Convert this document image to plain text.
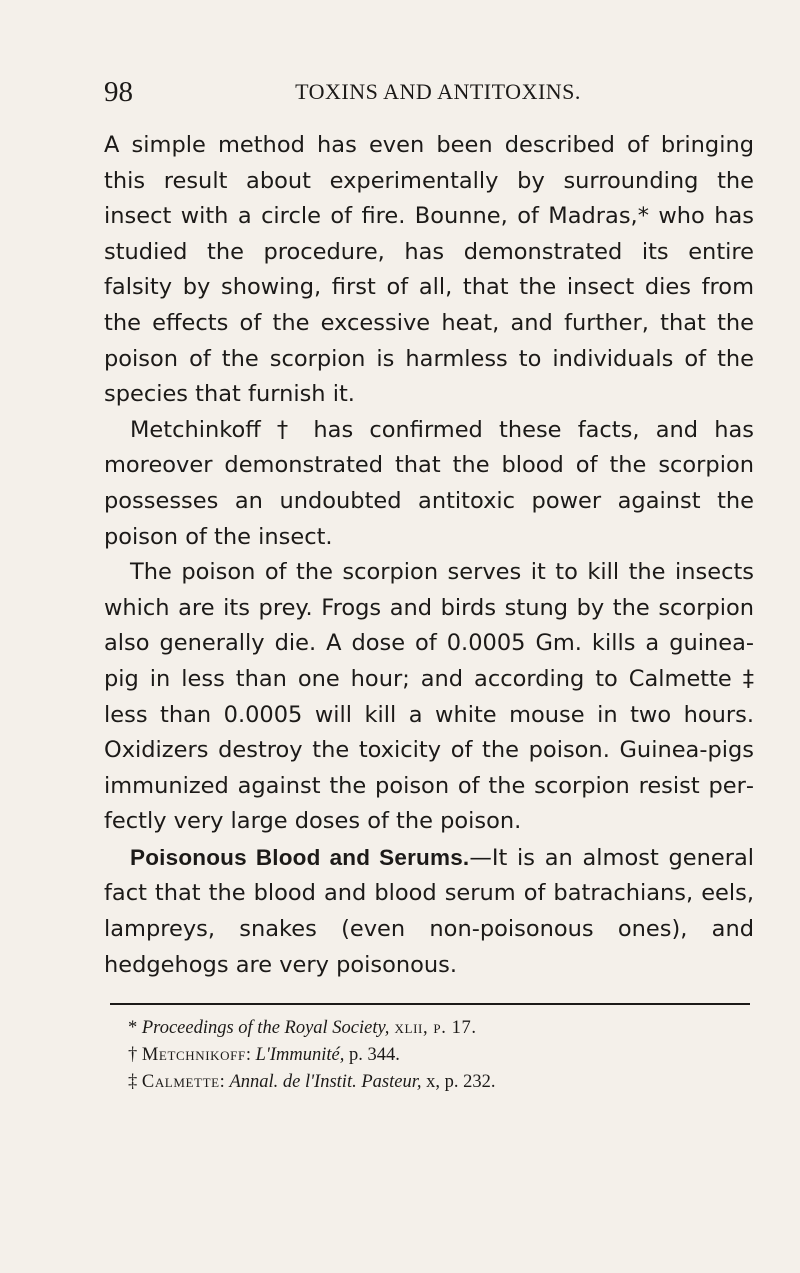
98	TOXINS AND ANTITOXINS.

A simple method has even been described of bringing this result about experimentally by surrounding the insect with a circle of fire. Bounne, of Madras,* who has studied the procedure, has demonstrated its entire falsity by showing, first of all, that the insect dies from the effects of the excessive heat, and further, that the poison of the scorpion is harmless to individuals of the species that furnish it.

Metchinkoff † has confirmed these facts, and has moreover demonstrated that the blood of the scorpion possesses an undoubted antitoxic power against the poison of the insect.

The poison of the scorpion serves it to kill the insects which are its prey. Frogs and birds stung by the scorpion also generally die. A dose of 0.0005 Gm. kills a guinea-pig in less than one hour; and according to Calmette ‡ less than 0.0005 will kill a white mouse in two hours. Oxidizers destroy the toxicity of the poison. Guinea-pigs immunized against the poison of the scorpion resist perfectly very large doses of the poison.

Poisonous Blood and Serums.—It is an almost general fact that the blood and blood serum of batrachians, eels, lampreys, snakes (even non-poisonous ones), and hedgehogs are very poisonous.

* Proceedings of the Royal Society, xlii, p. 17.
† Metchnikoff: L'Immunité, p. 344.
‡ Calmette: Annal. de l'Instit. Pasteur, x, p. 232.
